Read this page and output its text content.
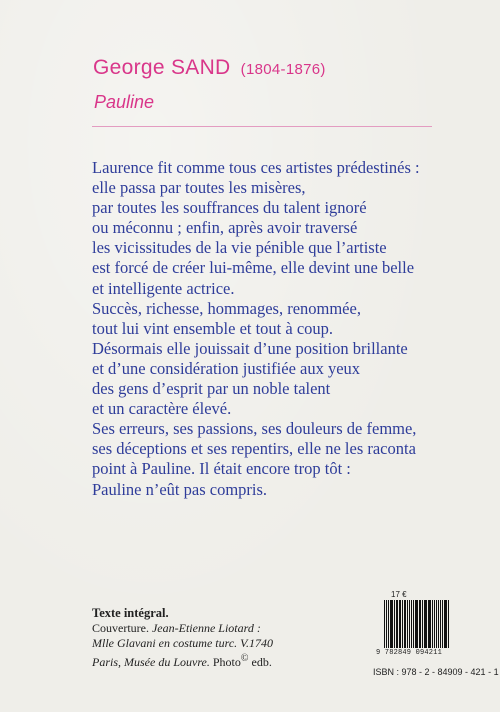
George SAND (1804-1876)
Pauline
Laurence fit comme tous ces artistes prédestinés :
elle passa par toutes les misères,
par toutes les souffrances du talent ignoré
ou méconnu ; enfin, après avoir traversé
les vicissitudes de la vie pénible que l’artiste
est forcé de créer lui-même, elle devint une belle
et intelligente actrice.
Succès, richesse, hommages, renommée,
tout lui vint ensemble et tout à coup.
Désormais elle jouissait d’une position brillante
et d’une considération justifiée aux yeux
des gens d’esprit par un noble talent
et un caractère élevé.
Ses erreurs, ses passions, ses douleurs de femme,
ses déceptions et ses repentirs, elle ne les raconta
point à Pauline. Il était encore trop tôt :
Pauline n’eût pas compris.
Texte intégral.
Couverture. Jean-Etienne Liotard :
Mlle Glavani en costume turc. V.1740
Paris, Musée du Louvre. Photo© edb.
17 €
9 782849 094211
ISBN : 978 - 2 - 84909 - 421 - 1
